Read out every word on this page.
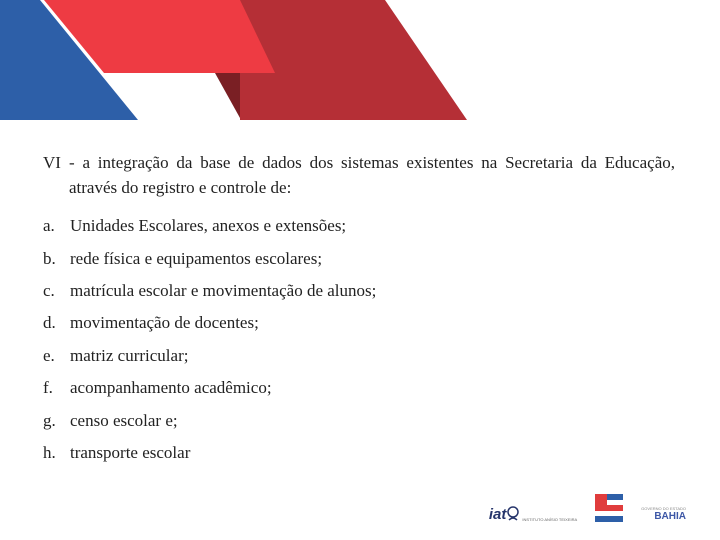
VI - a integração da base de dados dos sistemas existentes na Secretaria da Educação, através do registro e controle de:
a. Unidades Escolares, anexos e extensões;
b. rede física e equipamentos escolares;
c. matrícula escolar e movimentação de alunos;
d. movimentação de docentes;
e. matriz curricular;
f.	acompanhamento acadêmico;
g. censo escolar e;
h. transporte escolar
iat	INSTITUTO ANÍSIO TEIXEIRA
GOVERNO DO ESTADO
BAHIA
